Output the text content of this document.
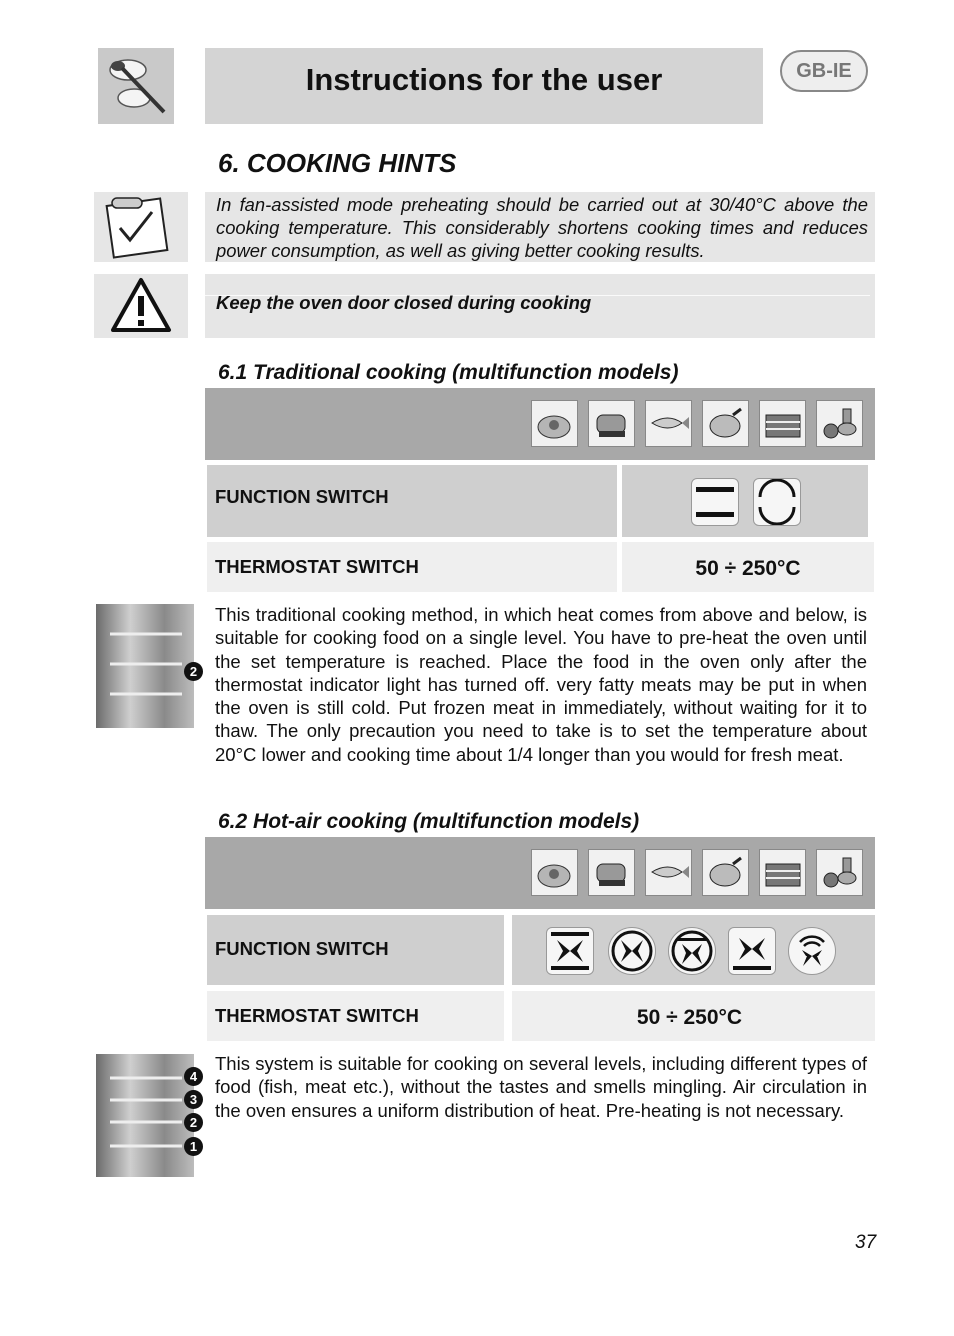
Instructions for the user	GB-IE
6. COOKING HINTS
In fan-assisted mode preheating should be carried out at 30/40°C above the cooking temperature. This considerably shortens cooking times and reduces power consumption, as well as giving better cooking results.
Keep the oven door closed during cooking
6.1 Traditional cooking (multifunction models)
FUNCTION SWITCH
THERMOSTAT SWITCH	50 ÷ 250°C
2
This traditional cooking method, in which heat comes from above and below, is suitable for cooking food on a single level. You have to pre-heat the oven until the set temperature is reached. Place the food in the oven only after the thermostat indicator light has turned off. very fatty meats may be put in when the oven is still cold. Put frozen meat in immediately, without waiting for it to thaw. The only precaution you need to take is to set the temperature about 20°C lower and cooking time about 1/4 longer than you would for fresh meat.
6.2 Hot-air cooking (multifunction models)
FUNCTION SWITCH
THERMOSTAT SWITCH	50 ÷ 250°C
4
3
2
1
This system is suitable for cooking on several levels, including different types of food (fish, meat etc.), without the tastes and smells mingling. Air circulation in the oven ensures a uniform distribution of heat. Pre-heating is not necessary.
37
